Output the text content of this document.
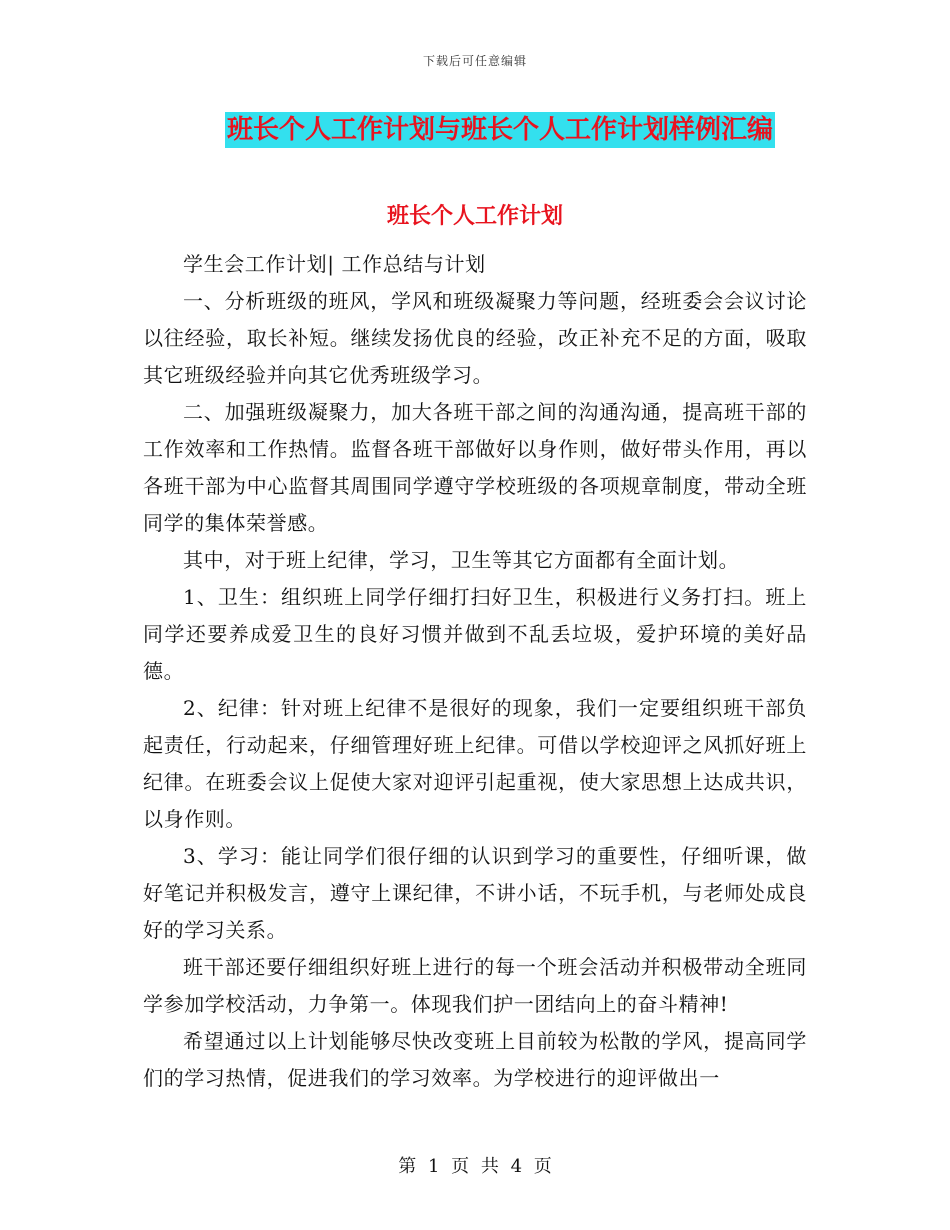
下载后可任意编辑
班长个人工作计划与班长个人工作计划样例汇编
班长个人工作计划

学生会工作计划| 工作总结与计划

一、分析班级的班风，学风和班级凝聚力等问题，经班委会会议讨论以往经验，取长补短。继续发扬优良的经验，改正补充不足的方面，吸取其它班级经验并向其它优秀班级学习。

二、加强班级凝聚力，加大各班干部之间的沟通沟通，提高班干部的工作效率和工作热情。监督各班干部做好以身作则，做好带头作用，再以各班干部为中心监督其周围同学遵守学校班级的各项规章制度，带动全班同学的集体荣誉感。

其中，对于班上纪律，学习，卫生等其它方面都有全面计划。

1、卫生：组织班上同学仔细打扫好卫生，积极进行义务打扫。班上同学还要养成爱卫生的良好习惯并做到不乱丢垃圾，爱护环境的美好品德。

2、纪律：针对班上纪律不是很好的现象，我们一定要组织班干部负起责任，行动起来，仔细管理好班上纪律。可借以学校迎评之风抓好班上纪律。在班委会议上促使大家对迎评引起重视，使大家思想上达成共识，以身作则。

3、学习：能让同学们很仔细的认识到学习的重要性，仔细听课，做好笔记并积极发言，遵守上课纪律，不讲小话，不玩手机，与老师处成良好的学习关系。

班干部还要仔细组织好班上进行的每一个班会活动并积极带动全班同学参加学校活动，力争第一。体现我们护一团结向上的奋斗精神!

希望通过以上计划能够尽快改变班上目前较为松散的学风，提高同学们的学习热情，促进我们的学习效率。为学校进行的迎评做出一

第 1 页 共 4 页
